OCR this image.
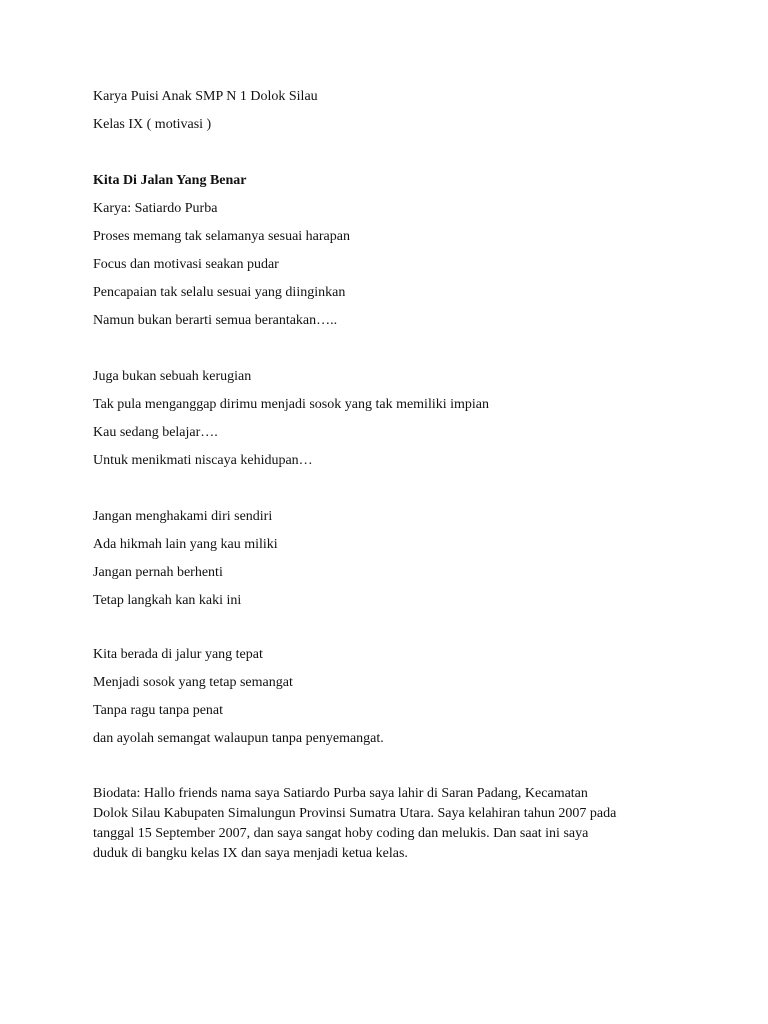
Karya Puisi Anak SMP N 1 Dolok Silau
Kelas IX ( motivasi )
Kita Di Jalan Yang Benar
Karya: Satiardo Purba
Proses memang tak selamanya sesuai harapan
Focus dan motivasi seakan pudar
Pencapaian tak selalu sesuai yang diinginkan
Namun bukan berarti semua berantakan…..
Juga bukan sebuah kerugian
Tak pula menganggap dirimu menjadi sosok yang tak memiliki impian
Kau sedang belajar….
Untuk menikmati niscaya kehidupan…
Jangan menghakami diri sendiri
Ada hikmah lain yang kau miliki
Jangan pernah berhenti
Tetap langkah kan kaki ini
Kita berada di jalur yang tepat
Menjadi sosok yang tetap semangat
Tanpa ragu tanpa penat
dan ayolah semangat walaupun tanpa penyemangat.
Biodata: Hallo friends nama saya Satiardo Purba saya lahir di Saran Padang, Kecamatan
Dolok Silau Kabupaten Simalungun Provinsi Sumatra Utara. Saya kelahiran tahun 2007 pada
tanggal 15 September 2007, dan saya sangat hoby coding dan melukis. Dan saat ini saya
duduk di bangku kelas IX dan saya menjadi ketua kelas.
